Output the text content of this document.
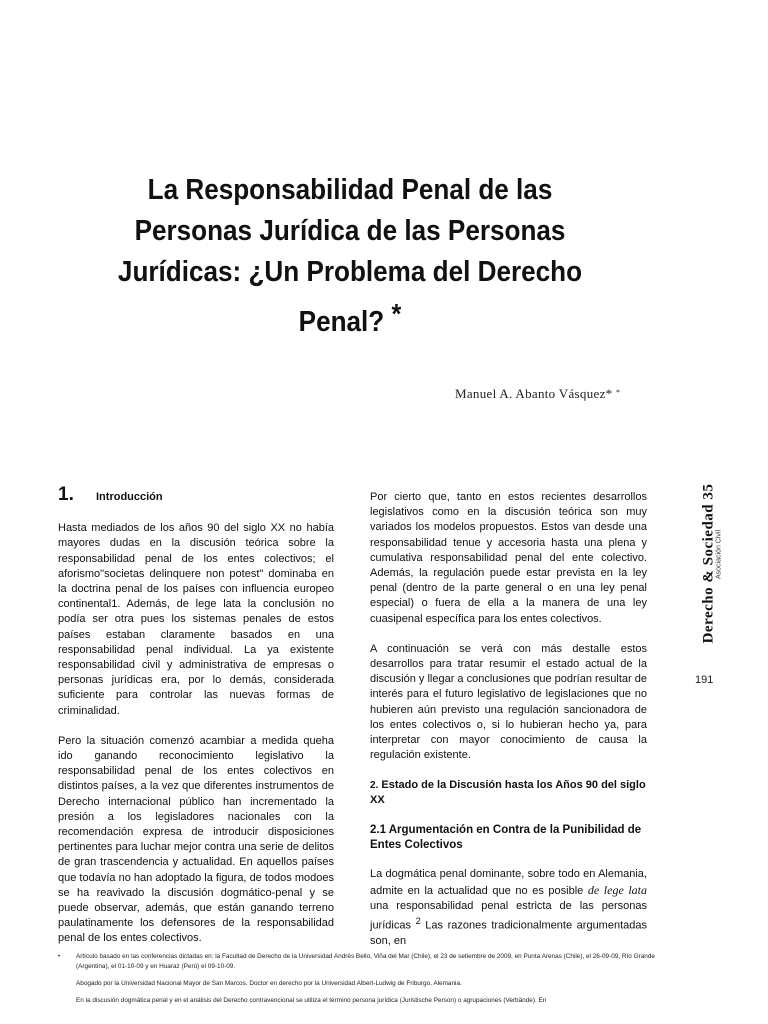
La Responsabilidad Penal de las Personas Jurídica de las Personas Jurídicas: ¿Un Problema del Derecho Penal? *
Manuel A. Abanto Vásquez* *
1.	Introducción

Hasta mediados de los años 90 del siglo XX no había mayores dudas en la discusión teórica sobre la responsabilidad penal de los entes colectivos; el aforismo"societas delinquere non potest" dominaba en la doctrina penal de los países con influencia europeo continental1. Además, de lege lata la conclusión no podía ser otra pues los sistemas penales de estos países estaban claramente basados en una responsabilidad penal individual. La ya existente responsabilidad civil y administrativa de empresas o personas jurídicas era, por lo demás, considerada suficiente para controlar las nuevas formas de criminalidad.

Pero la situación comenzó acambiar a medida queha ido ganando reconocimiento legislativo la responsabilidad penal de los entes colectivos en distintos países, a la vez que diferentes instrumentos de Derecho internacional público han incrementado la presión a los legisladores nacionales con la recomendación expresa de introducir disposiciones pertinentes para luchar mejor contra una serie de delitos de gran trascendencia y actualidad. En aquellos países que todavía no han adoptado la figura, de todos modoes se ha reavivado la discusión dogmático-penal y se puede observar, además, que están ganando terreno paulatinamente los defensores de la responsabilidad penal de los entes colectivos.

Por cierto que, tanto en estos recientes desarrollos legislativos como en la discusión teórica son muy variados los modelos propuestos. Estos van desde una responsabilidad tenue y accesoria hasta una plena y cumulativa responsabilidad penal del ente colectivo. Además, la regulación puede estar prevista en la ley penal (dentro de la parte general o en una ley penal especial) o fuera de ella a la manera de una ley cuasipenal específica para los entes colectivos.

A continuación se verá con más destalle estos desarrollos para tratar resumir el estado actual de la discusión y llegar a conclusiones que podrían resultar de interés para el futuro legislativo de legislaciones que no hubieren aún previsto una regulación sancionadora de los entes colectivos o, si lo hubieran hecho ya, para interpretar con mayor conocimiento de causa la regulación existente.

2. Estado de la Discusión hasta los Años 90 del siglo XX
2.1 Argumentación en Contra de la Punibilidad de Entes Colectivos

La dogmática penal dominante, sobre todo en Alemania, admite en la actualidad que no es posible de lege lata una responsabilidad penal estricta de las personas jurídicas $^2$ Las razones tradicionalmente argumentadas son, en

Derecho & Sociedad 35 Asociación Civil
191
• Artículo basado en las conferencias dictadas en: la Facultad de Derecho de la Universidad Andrés Bello, Viña del Mar (Chile), el 23 de setiembre de 2009, en Punta Arenas (Chile), el 26-09-09, Río Grande (Argentina), el 01-10-09 y en Huaraz (Perú) el 09-10-09.
Abogado por la Universidad Nacional Mayor de San Marcos. Doctor en derecho por la Universidad Albert-Ludwig de Friburgo, Alemania.
En la discusión dogmática penal y en el análisis del Derecho contravencional se utiliza el término persona jurídica (Juristische Person) o agrupaciones (Verbände). En
